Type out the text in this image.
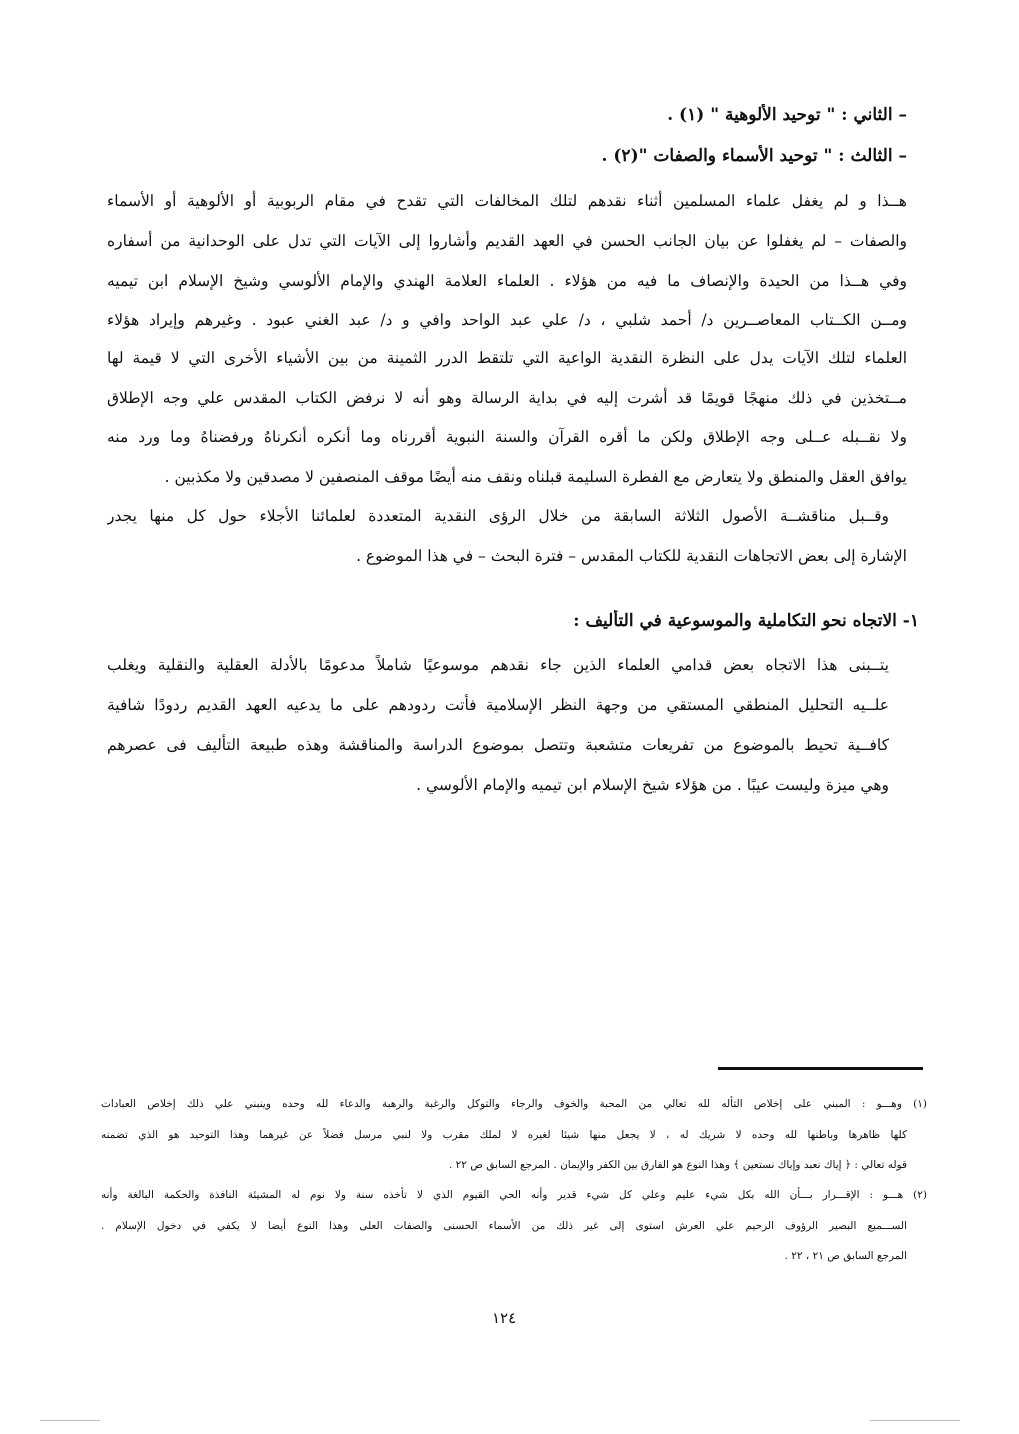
– الثاني : " توحيد الألوهية " (١) .
– الثالث : " توحيد الأسماء والصفات "(٢) .
هــذا و لم يغفل علماء المسلمين أثناء نقدهم لتلك المخالفات التي تقدح في مقام الربوبية أو الألوهية أو الأسماء
والصفات – لم يغفلوا عن بيان الجانب الحسن في العهد القديم وأشاروا إلى الآيات التي تدل على الوحدانية من أسفاره
وفي هــذا من الحيدة والإنصاف ما فيه من هؤلاء . العلماء العلامة الهندي والإمام الألوسي وشيخ الإسلام ابن تيميه
ومــن الكــتاب المعاصــرين د/ أحمد شلبي ، د/ علي عبد الواحد وافي و د/ عبد الغني عبود . وغيرهم وإيراد هؤلاء
العلماء لتلك الآيات يدل على النظرة النقدية الواعية التي تلتقط الدرر الثمينة من بين الأشياء الأخرى التي لا قيمة لها
مــتخذين في ذلك منهجًا قويمًا قد أشرت إليه في بداية الرسالة وهو أنه لا نرفض الكتاب المقدس علي وجه الإطلاق
ولا نقــبله عــلى وجه الإطلاق ولكن ما أقره القرآن والسنة النبوية أقررناه وما أنكره أنكرناهُ ورفضناهُ وما ورد منه
يوافق العقل والمنطق ولا يتعارض مع الفطرة السليمة قبلناه ونقف منه أيضًا موقف المنصفين لا مصدقين ولا مكذبين .
وقــبل مناقشــة الأصول الثلاثة السابقة من خلال الرؤى النقدية المتعددة لعلمائنا الأجلاء حول كل منها يجدر
الإشارة إلى بعض الاتجاهات النقدية للكتاب المقدس – فترة البحث – في هذا الموضوع .
١- الاتجاه نحو التكاملية والموسوعية في التأليف :
يتــبنى هذا الاتجاه بعض قدامي العلماء الذين جاء نقدهم موسوعيًا شاملاً مدعومًا بالأدلة العقلية والنقلية ويغلب
علــيه التحليل المنطقي المستقي من وجهة النظر الإسلامية فأتت ردودهم على ما يدعيه العهد القديم ردودًا شافية
كافــية تحيط بالموضوع من تفريعات متشعبة وتتصل بموضوع الدراسة والمناقشة وهذه طبيعة التأليف فى عصرهم
وهي ميزة وليست عيبًا . من هؤلاء شيخ الإسلام ابن تيميه والإمام الألوسي .
(١) وهـــو : المبني على إخلاص التأله لله تعالي من المحبة والخوف والرجاء والتوكل والرغبة والرهبة والدعاء لله وحده وينبني علي ذلك إخلاص العبادات
كلها ظاهرها وباطنها لله وحده لا شريك له ، لا يجعل منها شيئا لغيره لا لملك مقرب ولا لنبي مرسل فضلاً عن غيرهما وهذا التوحيد هو الذي تضمنه
قوله تعالي : ﴿ إياك نعبد وإياك نستعين ﴾ وهذا النوع هو الفارق بين الكفر والإيمان . المرجع السابق ص ٢٢ .
(٢) هـــو : الإقـــرار بـــأن الله بكل شيء عليم وعلي كل شيء قدير وأنه الحي القيوم الذي لا تأخذه سنة ولا نوم له المشيئة النافذة والحكمة البالغة وأنه
الســـميع البصير الرؤوف الرحيم علي العرش استوى إلى غير ذلك من الأسماء الحسنى والصفات العلى وهذا النوع أيضا لا يكفي في دخول الإسلام .
المرجع السابق ص ٢١ ، ٢٢ .
١٢٤
